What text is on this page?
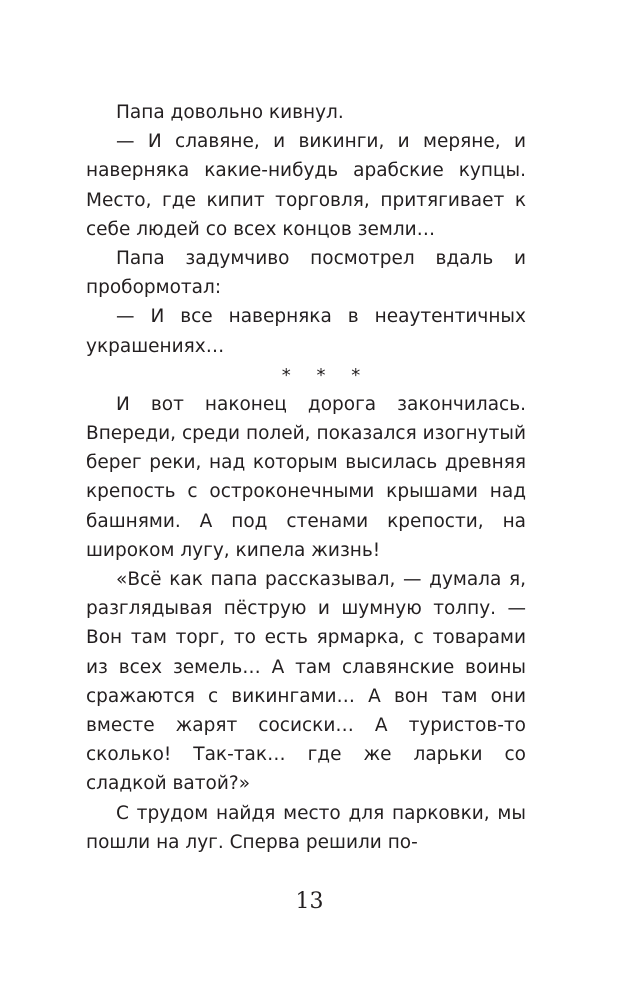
Папа довольно кивнул.

— И славяне, и викинги, и меряне, и наверняка какие-нибудь арабские купцы. Место, где кипит торговля, притягивает к себе людей со всех концов земли…

Папа задумчиво посмотрел вдаль и пробормотал:

— И все наверняка в неаутентичных украшениях…

* * *

И вот наконец дорога закончилась. Впереди, среди полей, показался изогнутый берег реки, над которым высилась древняя крепость с остроконечными крышами над башнями. А под стенами крепости, на широком лугу, кипела жизнь!

«Всё как папа рассказывал, — думала я, разглядывая пёструю и шумную толпу. — Вон там торг, то есть ярмарка, с товарами из всех земель… А там славянские воины сражаются с викингами… А вон там они вместе жарят сосиски… А туристов-то сколько! Так-так… где же ларьки со сладкой ватой?»

С трудом найдя место для парковки, мы пошли на луг. Сперва решили по-

13
